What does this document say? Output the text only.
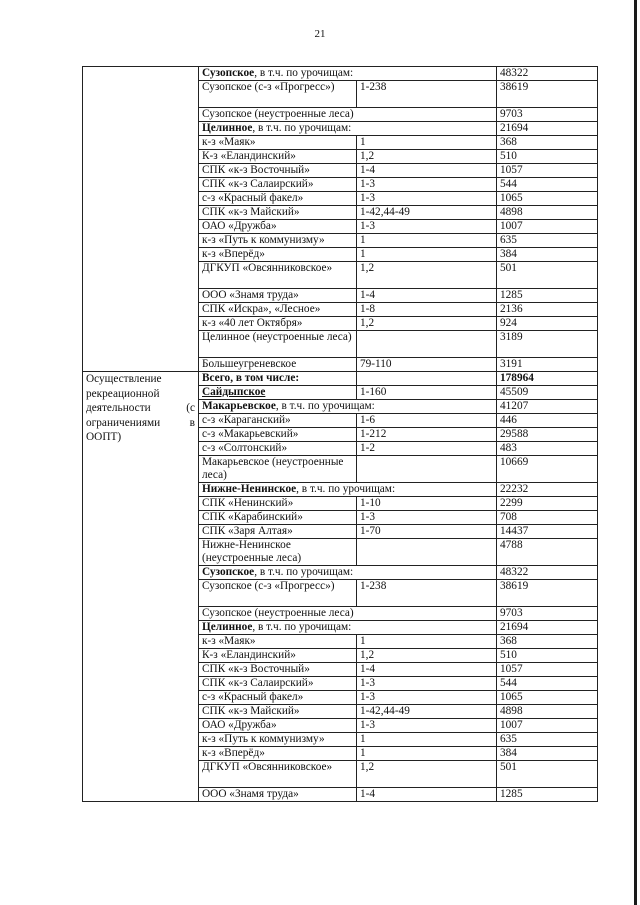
21
	Сузопское, в т.ч. по урочищам:		48322
	Сузопское (с-з «Прогресс»)	1-238	38619
	Сузопское (неустроенные леса)		9703
	Целинное, в т.ч. по урочищам:		21694
	к-з «Маяк»	1	368
	К-з «Еландинский»	1,2	510
	СПК «к-з Восточный»	1-4	1057
	СПК «к-з Салаирский»	1-3	544
	с-з «Красный факел»	1-3	1065
	СПК «к-з Майский»	1-42,44-49	4898
	ОАО «Дружба»	1-3	1007
	к-з «Путь к коммунизму»	1	635
	к-з «Вперёд»	1	384
	ДГКУП «Овсянниковское»	1,2	501
	ООО «Знамя труда»	1-4	1285
	СПК «Искра», «Лесное»	1-8	2136
	к-з «40 лет Октября»	1,2	924
	Целинное (неустроенные леса)		3189
	Большеугреневское	79-110	3191
Осуществление рекреационной деятельности (с ограничениями в ООПТ)	Всего, в том числе:		178964
	Сайдыпское	1-160	45509
	Макарьевское, в т.ч. по урочищам:		41207
	с-з «Караганский»	1-6	446
	с-з «Макарьевский»	1-212	29588
	с-з «Солтонский»	1-2	483
	Макарьевское (неустроенные леса)		10669
	Нижне-Ненинское, в т.ч. по урочищам:		22232
	СПК «Ненинский»	1-10	2299
	СПК «Карабинский»	1-3	708
	СПК «Заря Алтая»	1-70	14437
	Нижне-Ненинское (неустроенные леса)		4788
	Сузопское, в т.ч. по урочищам:		48322
	Сузопское (с-з «Прогресс»)	1-238	38619
	Сузопское (неустроенные леса)		9703
	Целинное, в т.ч. по урочищам:		21694
	к-з «Маяк»	1	368
	К-з «Еландинский»	1,2	510
	СПК «к-з Восточный»	1-4	1057
	СПК «к-з Салаирский»	1-3	544
	с-з «Красный факел»	1-3	1065
	СПК «к-з Майский»	1-42,44-49	4898
	ОАО «Дружба»	1-3	1007
	к-з «Путь к коммунизму»	1	635
	к-з «Вперёд»	1	384
	ДГКУП «Овсянниковское»	1,2	501
	ООО «Знамя труда»	1-4	1285
